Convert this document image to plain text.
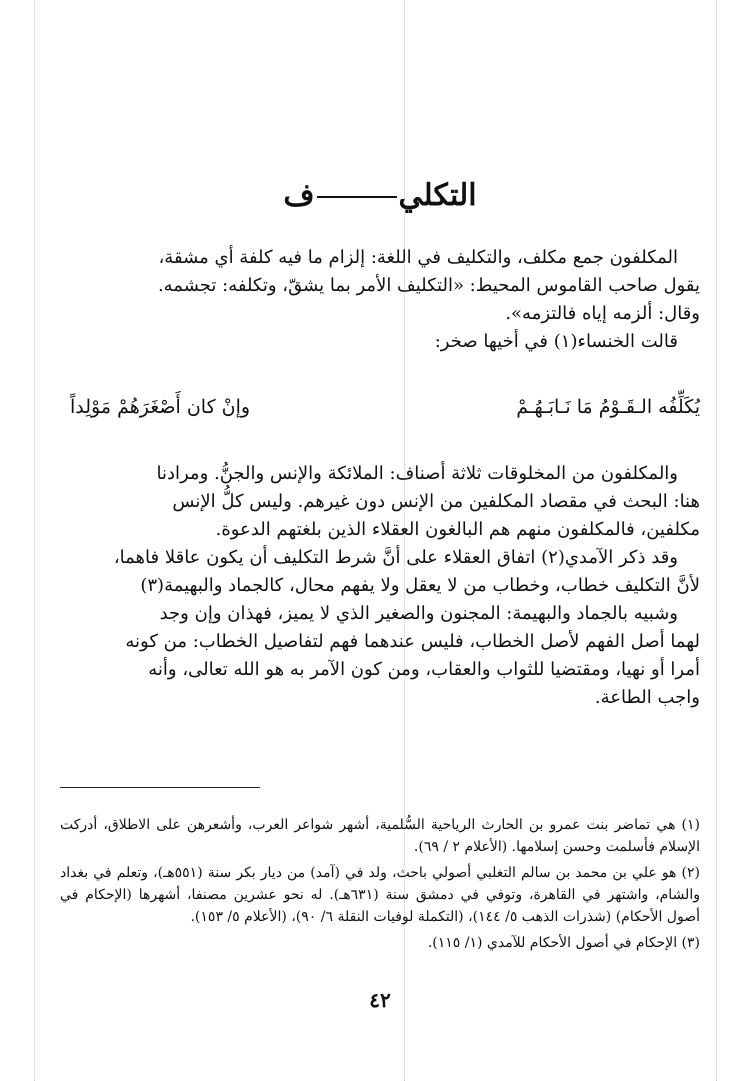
التكليف

المكلفون جمع مكلف، والتكليف في اللغة: إلزام ما فيه كلفة أي مشقة،

يقول صاحب القاموس المحيط: «التكليف الأمر بما يشقّ، وتكلفه: تجشمه.

وقال: ألزمه إياه فالتزمه».

قالت الخنساء(١) في أخيها صخر:

يُكَلِّفُه الـقَـوْمُ مَا نَـابَـهُـمْ
وإنْ كان أَصْغَرَهُمْ مَوْلِداً

والمكلفون من المخلوقات ثلاثة أصناف: الملائكة والإنس والجنُّ. ومرادنا

هنا: البحث في مقصاد المكلفين من الإنس دون غيرهم. وليس كلُّ الإنس

مكلفين، فالمكلفون منهم هم البالغون العقلاء الذين بلغتهم الدعوة.

وقد ذكر الآمدي(٢) اتفاق العقلاء على أنَّ شرط التكليف أن يكون عاقلا فاهما،

لأنَّ التكليف خطاب، وخطاب من لا يعقل ولا يفهم محال، كالجماد والبهيمة(٣)

وشبيه بالجماد والبهيمة: المجنون والصغير الذي لا يميز، فهذان وإن وجد

لهما أصل الفهم لأصل الخطاب، فليس عندهما فهم لتفاصيل الخطاب: من كونه

أمرا أو نهيا، ومقتضيا للثواب والعقاب، ومن كون الآمر به هو الله تعالى، وأنه

واجب الطاعة.

(١) هي تماضر بنت عمرو بن الحارث الرياحية السُّلمية، أشهر شواعر العرب، وأشعرهن على الاطلاق، أدركت الإسلام فأسلمت وحسن إسلامها. (الأعلام ٢ / ٦٩).

(٢) هو علي بن محمد بن سالم التغلبي أصولي باحث، ولد في (آمد) من ديار بكر سنة (٥٥١هـ)، وتعلم في بغداد والشام، واشتهر في القاهرة، وتوفي في دمشق سنة (٦٣١هـ). له نحو عشرين مصنفا، أشهرها (الإحكام في أصول الأحكام) (شذرات الذهب ٥/ ١٤٤)، (التكملة لوفيات النقلة ٦/ ٩٠)، (الأعلام ٥/ ١٥٣).

(٣) الإحكام في أصول الأحكام للآمدي (١/ ١١٥).

٤٢
